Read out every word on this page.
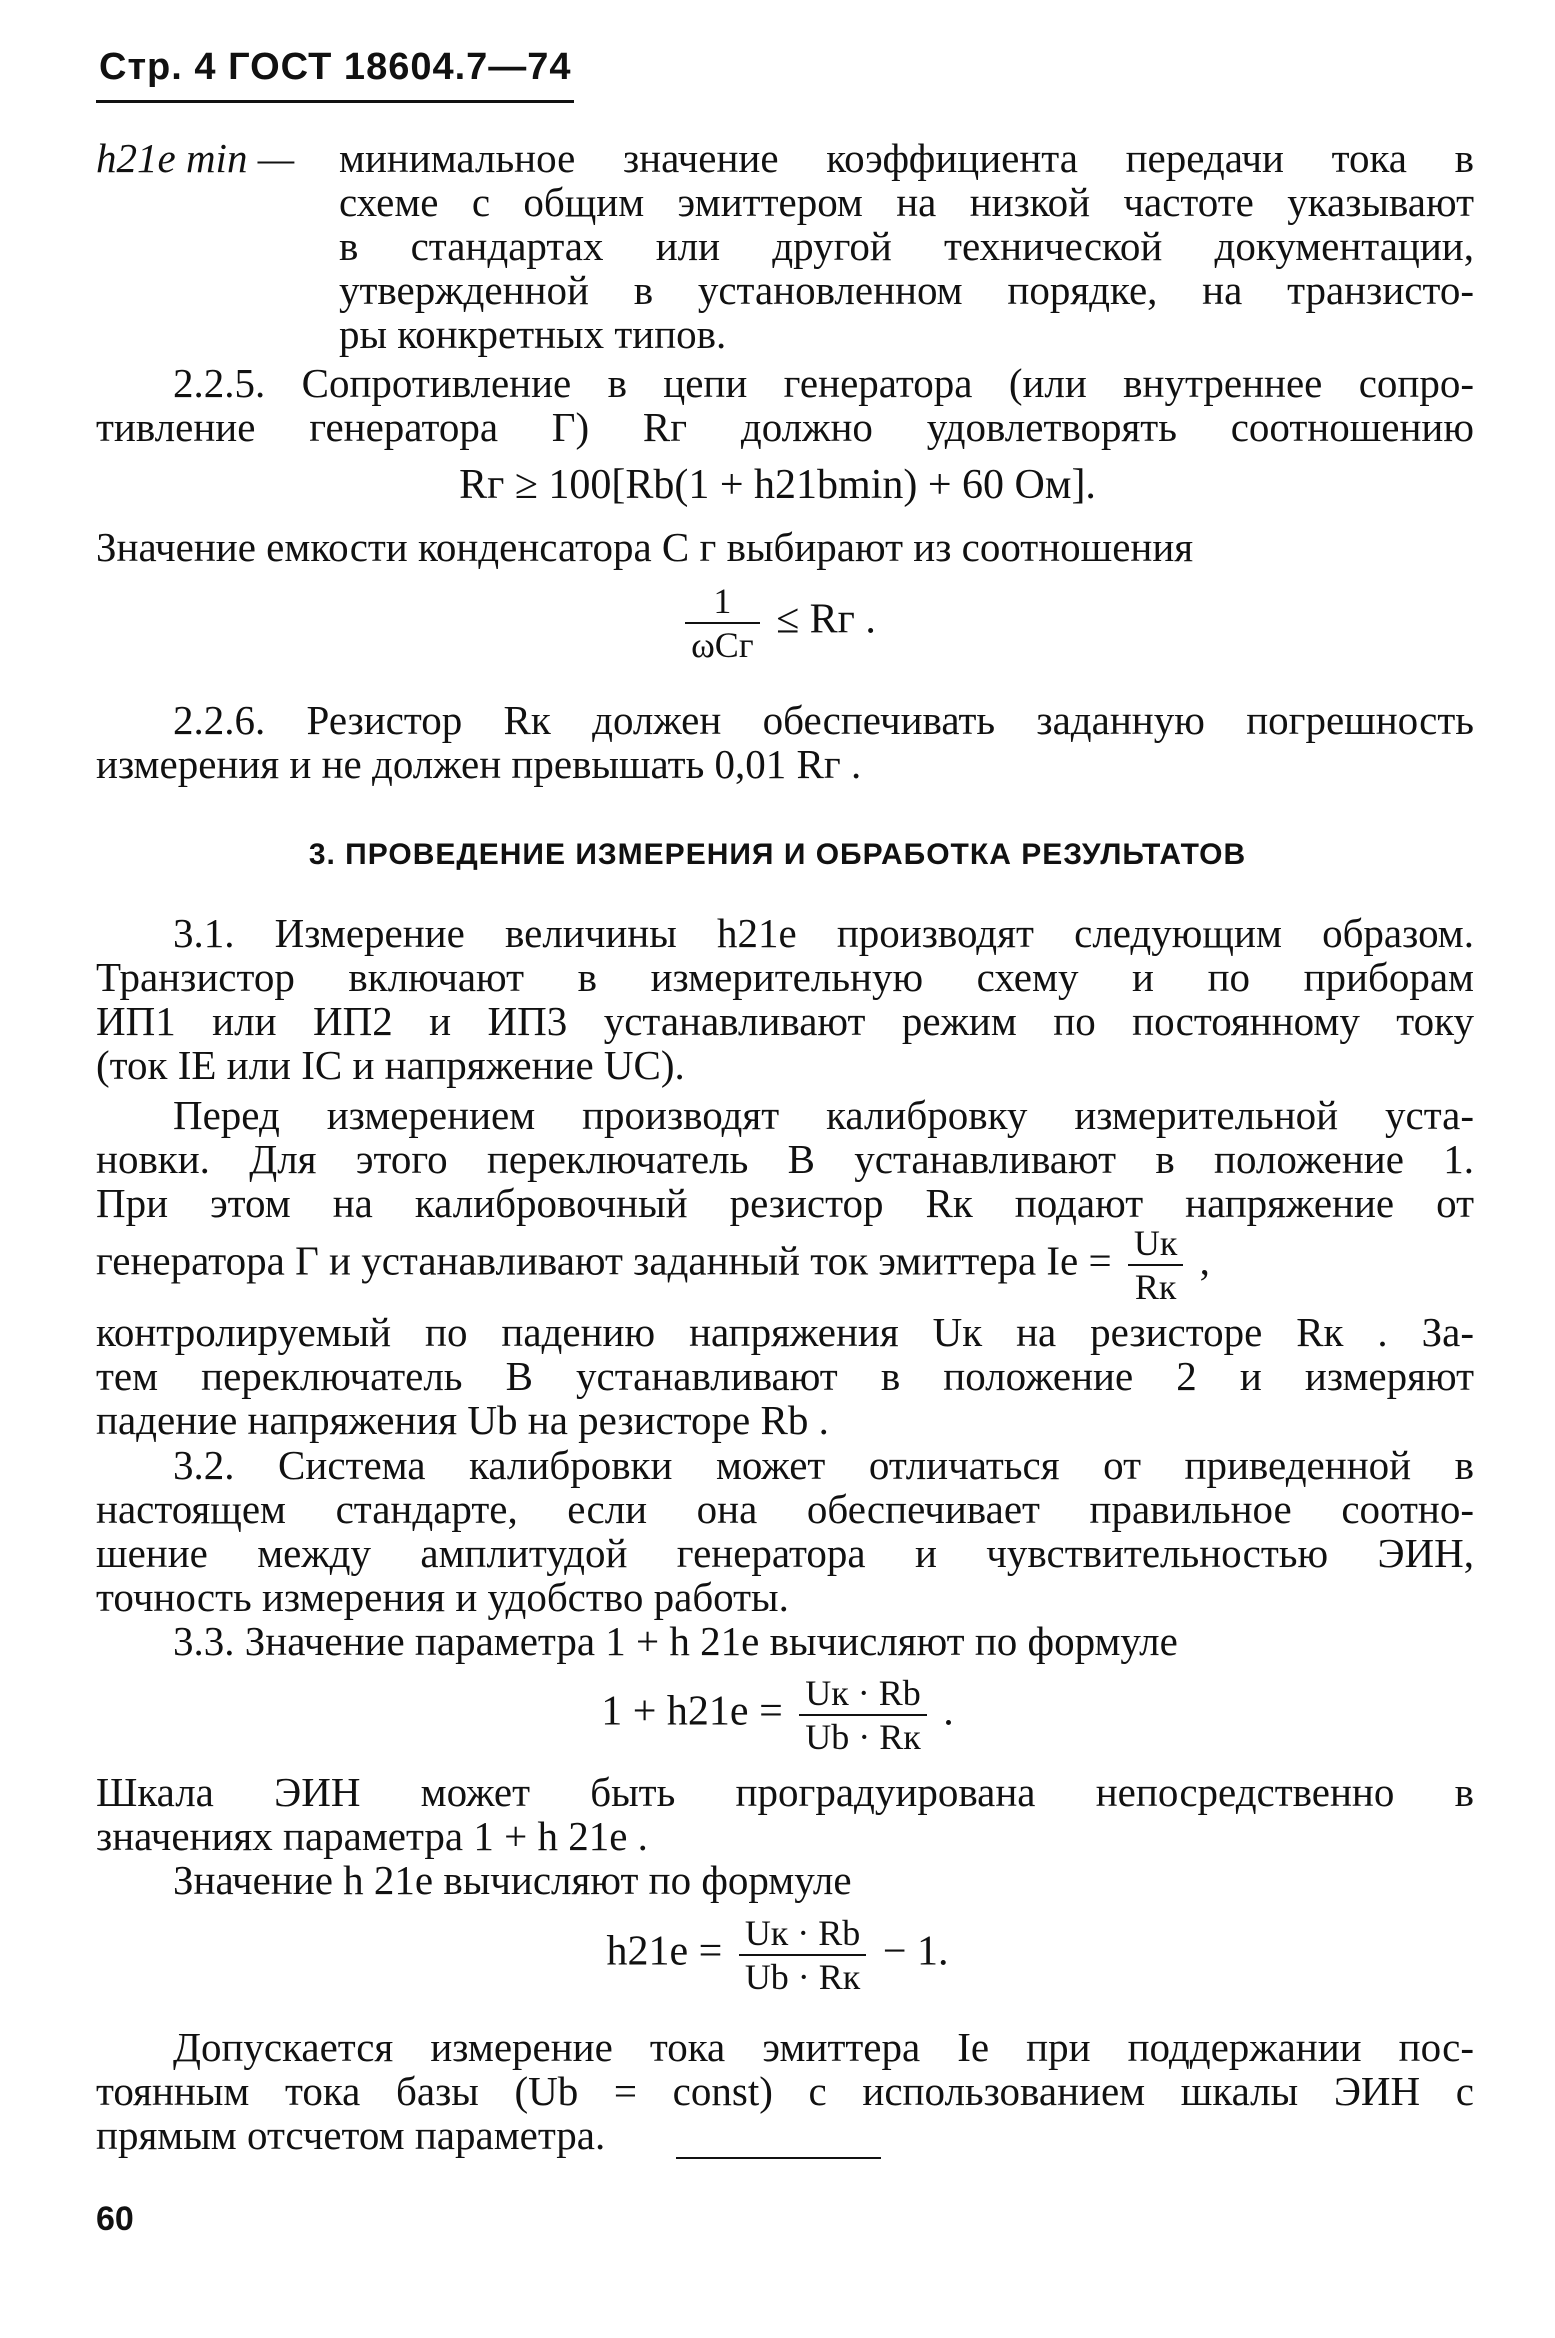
Стр. 4 ГОСТ 18604.7—74
h21e min — минимальное значение коэффициента передачи тока в
схеме с общим эмиттером на низкой частоте указывают
в стандартах или другой технической документации,
утвержденной в установленном порядке, на транзисто-
ры конкретных типов.
2.2.5. Сопротивление в цепи генератора (или внутреннее сопро-
тивление генератора Г) Rг должно удовлетворять соотношению
Rг ≥ 100[Rb(1 + h21bmin) + 60 Ом].
Значение емкости конденсатора C г выбирают из соотношения
$\frac{1}{\text{ωCг}}$ ≤ Rг .
2.2.6. Резистор Rк должен обеспечивать заданную погрешность
измерения и не должен превышать 0,01 Rг .
3. ПРОВЕДЕНИЕ ИЗМЕРЕНИЯ И ОБРАБОТКА РЕЗУЛЬТАТОВ
3.1. Измерение величины h21e производят следующим образом.
Транзистор включают в измерительную схему и по приборам
ИП1 или ИП2 и ИП3 устанавливают режим по постоянному току
(ток IE или IC и напряжение UC).
Перед измерением производят калибровку измерительной уста-
новки. Для этого переключатель В устанавливают в положение 1.
При этом на калибровочный резистор Rк подают напряжение от
генератора Г и устанавливают заданный ток эмиттера $Ie = \frac{Uк}{Rк}$ ,
контролируемый по падению напряжения Uк на резисторе Rк . За-
тем переключатель В устанавливают в положение 2 и измеряют
падение напряжения Ub на резисторе Rb .
3.2. Система калибровки может отличаться от приведенной в
настоящем стандарте, если она обеспечивает правильное соотно-
шение между амплитудой генератора и чувствительностью ЭИН,
точность измерения и удобство работы.
3.3. Значение параметра 1 + h 21e вычисляют по формуле
$1 + h21e = \frac{Uк \cdot Rb}{Ub \cdot Rк}$ .
Шкала ЭИН может быть проградуирована непосредственно в
значениях параметра 1 + h 21e .
Значение h 21e вычисляют по формуле
$h21e = \frac{Uк \cdot Rb}{Ub \cdot Rк} - 1$.
Допускается измерение тока эмиттера Ie при поддержании пос-
тоянным тока базы (Ub = const) с использованием шкалы ЭИН с
прямым отсчетом параметра.
60
